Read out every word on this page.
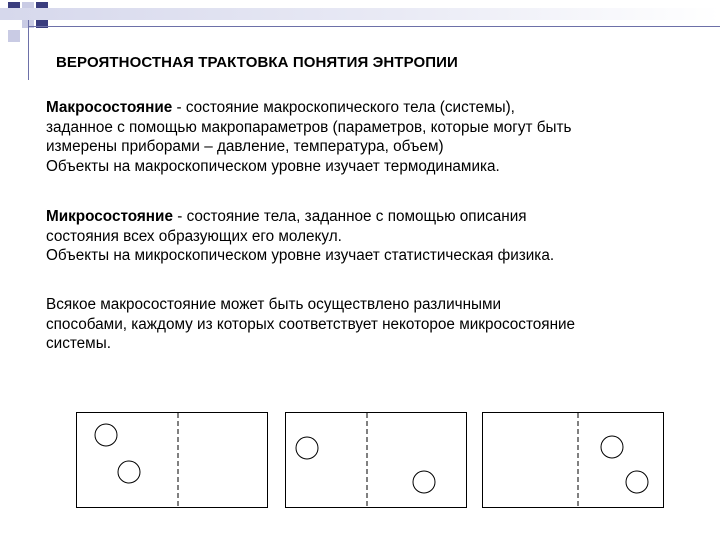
ВЕРОЯТНОСТНАЯ ТРАКТОВКА ПОНЯТИЯ ЭНТРОПИИ
Макросостояние - состояние макроскопического тела (системы),
заданное с помощью макропараметров (параметров, которые могут быть
измерены приборами – давление, температура, объем)
Объекты на макроскопическом уровне изучает термодинамика.
Микросостояние - состояние тела, заданное с помощью описания
состояния всех образующих его молекул.
Объекты на микроскопическом уровне изучает статистическая физика.
Всякое макросостояние может быть осуществлено различными
способами, каждому из которых соответствует некоторое микросостояние
системы.
